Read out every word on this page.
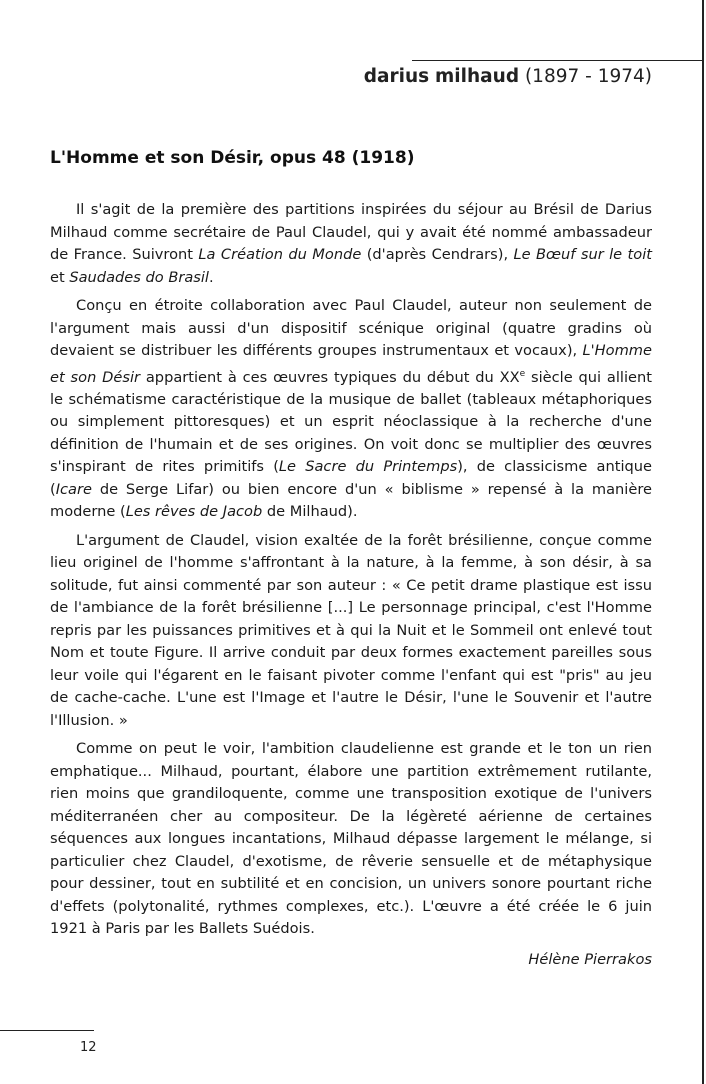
darius milhaud (1897 - 1974)
L'Homme et son Désir, opus 48 (1918)

Il s'agit de la première des partitions inspirées du séjour au Brésil de Darius Milhaud comme secrétaire de Paul Claudel, qui y avait été nommé ambassadeur de France. Suivront La Création du Monde (d'après Cendrars), Le Bœuf sur le toit et Saudades do Brasil.

Conçu en étroite collaboration avec Paul Claudel, auteur non seulement de l'argument mais aussi d'un dispositif scénique original (quatre gradins où devaient se distribuer les différents groupes instrumentaux et vocaux), L'Homme et son Désir appartient à ces œuvres typiques du début du XXe siècle qui allient le schématisme caractéristique de la musique de ballet (tableaux métaphoriques ou simplement pittoresques) et un esprit néoclassique à la recherche d'une définition de l'humain et de ses origines. On voit donc se multiplier des œuvres s'inspirant de rites primitifs (Le Sacre du Printemps), de classicisme antique (Icare de Serge Lifar) ou bien encore d'un « biblisme » repensé à la manière moderne (Les rêves de Jacob de Milhaud).

L'argument de Claudel, vision exaltée de la forêt brésilienne, conçue comme lieu originel de l'homme s'affrontant à la nature, à la femme, à son désir, à sa solitude, fut ainsi commenté par son auteur : « Ce petit drame plastique est issu de l'ambiance de la forêt brésilienne [...] Le personnage principal, c'est l'Homme repris par les puissances primitives et à qui la Nuit et le Sommeil ont enlevé tout Nom et toute Figure. Il arrive conduit par deux formes exactement pareilles sous leur voile qui l'égarent en le faisant pivoter comme l'enfant qui est "pris" au jeu de cache-cache. L'une est l'Image et l'autre le Désir, l'une le Souvenir et l'autre l'Illusion. »

Comme on peut le voir, l'ambition claudelienne est grande et le ton un rien emphatique... Milhaud, pourtant, élabore une partition extrêmement rutilante, rien moins que grandiloquente, comme une transposition exotique de l'univers méditerranéen cher au compositeur. De la légèreté aérienne de certaines séquences aux longues incantations, Milhaud dépasse largement le mélange, si particulier chez Claudel, d'exotisme, de rêverie sensuelle et de métaphysique pour dessiner, tout en subtilité et en concision, un univers sonore pourtant riche d'effets (polytonalité, rythmes complexes, etc.). L'œuvre a été créée le 6 juin 1921 à Paris par les Ballets Suédois.

Hélène Pierrakos
12
